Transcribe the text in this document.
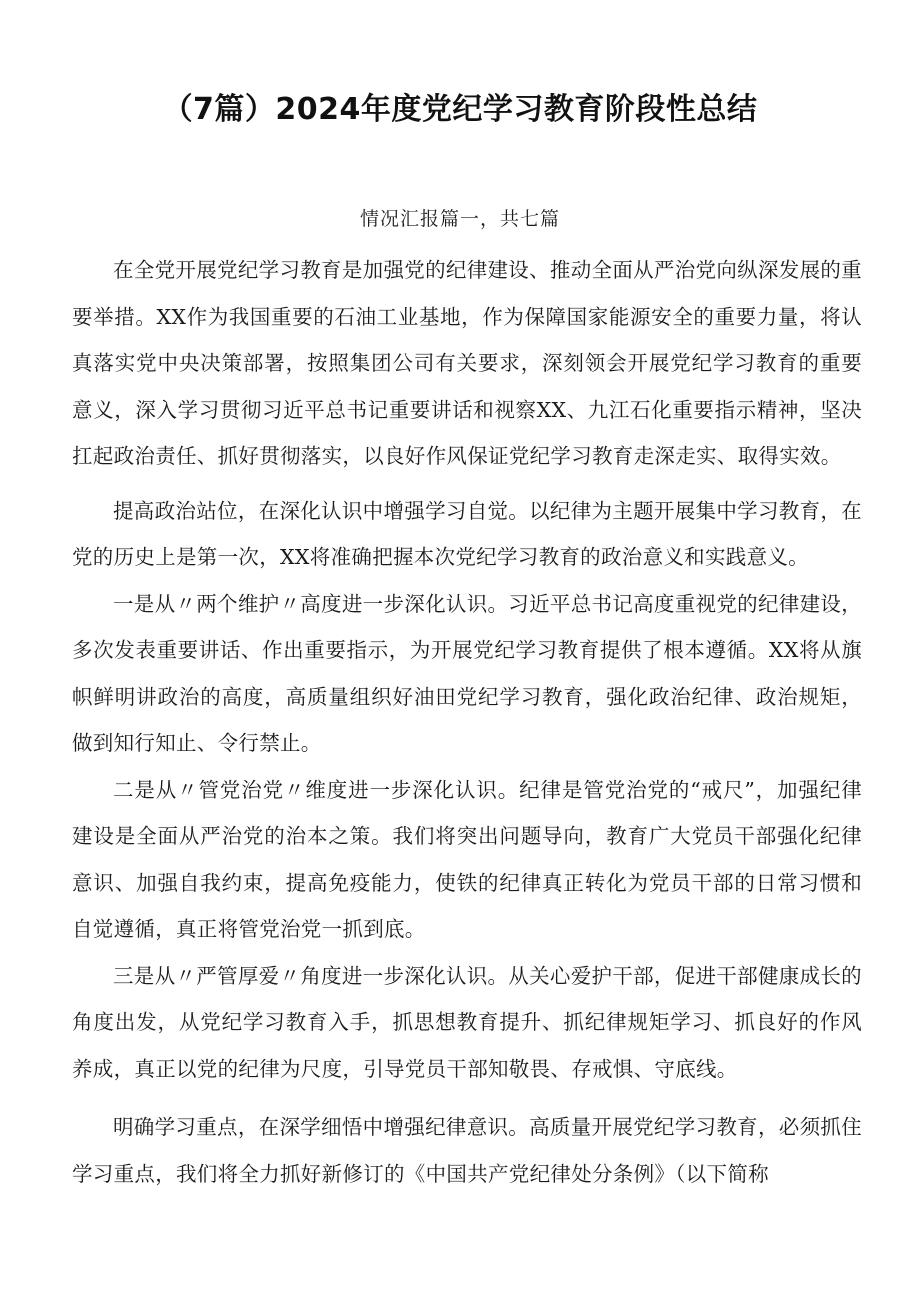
（7篇）2024年度党纪学习教育阶段性总结

情况汇报篇一，共七篇

在全党开展党纪学习教育是加强党的纪律建设、推动全面从严治党向纵深发展的重要举措。XX作为我国重要的石油工业基地，作为保障国家能源安全的重要力量，将认真落实党中央决策部署，按照集团公司有关要求，深刻领会开展党纪学习教育的重要意义，深入学习贯彻习近平总书记重要讲话和视察XX、九江石化重要指示精神，坚决扛起政治责任、抓好贯彻落实，以良好作风保证党纪学习教育走深走实、取得实效。

提高政治站位，在深化认识中增强学习自觉。以纪律为主题开展集中学习教育，在党的历史上是第一次，XX将准确把握本次党纪学习教育的政治意义和实践意义。

一是从〃两个维护〃高度进一步深化认识。习近平总书记高度重视党的纪律建设，多次发表重要讲话、作出重要指示，为开展党纪学习教育提供了根本遵循。XX将从旗帜鲜明讲政治的高度，高质量组织好油田党纪学习教育，强化政治纪律、政治规矩，做到知行知止、令行禁止。

二是从〃管党治党〃维度进一步深化认识。纪律是管党治党的“戒尺”，加强纪律建设是全面从严治党的治本之策。我们将突出问题导向，教育广大党员干部强化纪律意识、加强自我约束，提高免疫能力，使铁的纪律真正转化为党员干部的日常习惯和自觉遵循，真正将管党治党一抓到底。

三是从〃严管厚爱〃角度进一步深化认识。从关心爱护干部，促进干部健康成长的角度出发，从党纪学习教育入手，抓思想教育提升、抓纪律规矩学习、抓良好的作风养成，真正以党的纪律为尺度，引导党员干部知敬畏、存戒惧、守底线。

明确学习重点，在深学细悟中增强纪律意识。高质量开展党纪学习教育，必须抓住学习重点，我们将全力抓好新修订的《中国共产党纪律处分条例》（以下简称
